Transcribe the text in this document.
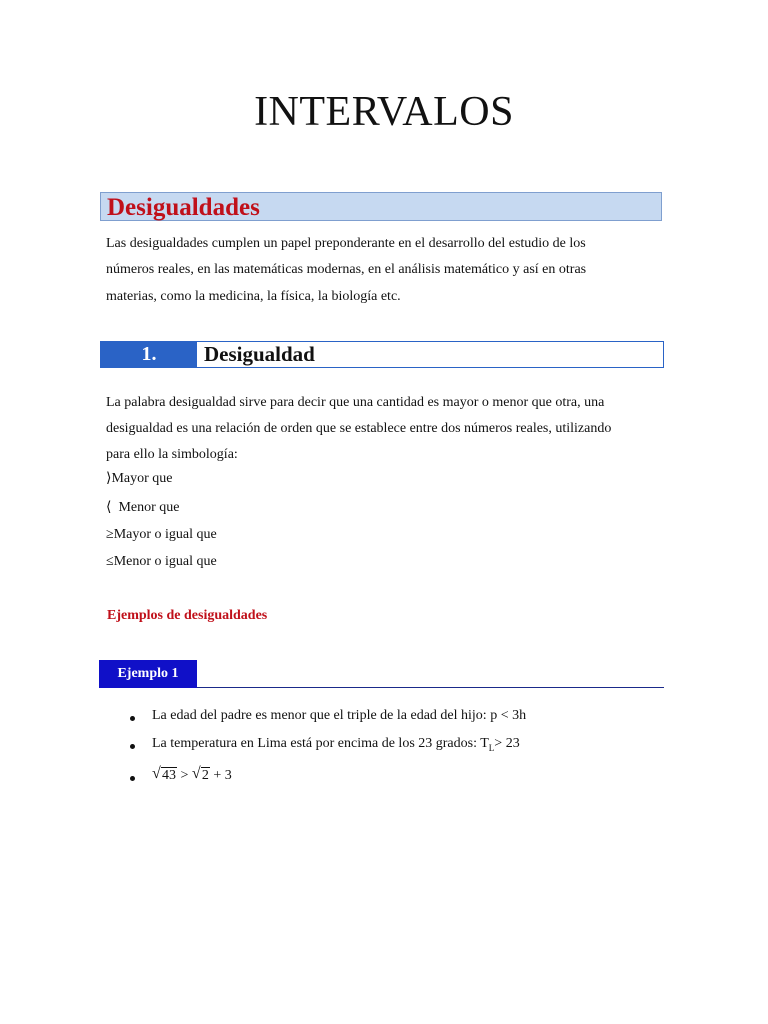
INTERVALOS
Desigualdades

Las desigualdades cumplen un papel preponderante en el desarrollo del estudio de los

números reales, en las matemáticas modernas, en el análisis matemático y así en otras

materias, como la medicina, la física, la biología etc.

1.	Desigualdad

La palabra desigualdad sirve para decir que una cantidad es mayor o menor que otra, una

desigualdad es una relación de orden que se establece entre dos números reales, utilizando

para ello la simbología:

⟩Mayor que
⟨  Menor que
≥Mayor o igual que
≤Menor o igual que

Ejemplos de desigualdades

Ejemplo 1
La edad del padre es menor que el triple de la edad del hijo: p < 3h
La temperatura en Lima está por encima de los 23 grados: $T_L> 23$
√ 43 > √ 2 + 3
